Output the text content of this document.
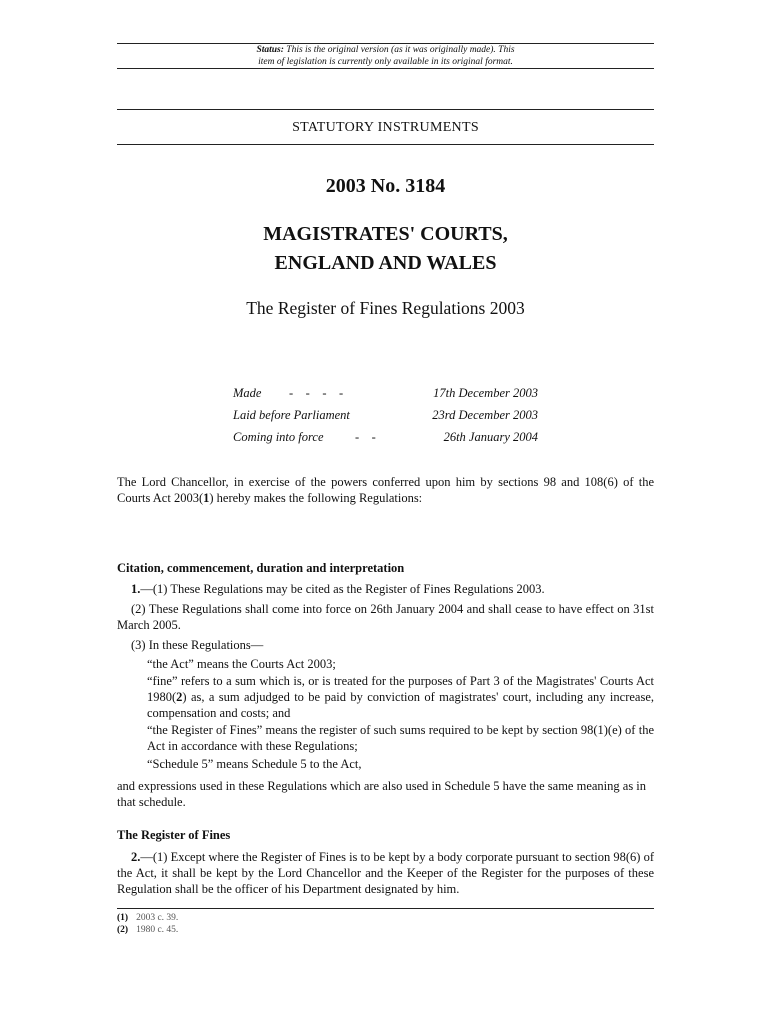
Status: This is the original version (as it was originally made). This
item of legislation is currently only available in its original format.
STATUTORY INSTRUMENTS
2003 No. 3184
MAGISTRATES' COURTS,
ENGLAND AND WALES
The Register of Fines Regulations 2003
Made -    -    -    -	17th December 2003
Laid before Parliament	23rd December 2003
Coming into force	-    -	26th January 2004
The Lord Chancellor, in exercise of the powers conferred upon him by sections 98 and 108(6) of the Courts Act 2003(1) hereby makes the following Regulations:
Citation, commencement, duration and interpretation
1.—(1) These Regulations may be cited as the Register of Fines Regulations 2003.
(2) These Regulations shall come into force on 26th January 2004 and shall cease to have effect on 31st March 2005.
(3) In these Regulations—
“the Act” means the Courts Act 2003;
“fine” refers to a sum which is, or is treated for the purposes of Part 3 of the Magistrates' Courts Act 1980(2) as, a sum adjudged to be paid by conviction of magistrates' court, including any increase, compensation and costs; and
“the Register of Fines” means the register of such sums required to be kept by section 98(1)(e) of the Act in accordance with these Regulations;
“Schedule 5” means Schedule 5 to the Act,
and expressions used in these Regulations which are also used in Schedule 5 have the same meaning as in that schedule.
The Register of Fines
2.—(1) Except where the Register of Fines is to be kept by a body corporate pursuant to section 98(6) of the Act, it shall be kept by the Lord Chancellor and the Keeper of the Register for the purposes of these Regulation shall be the officer of his Department designated by him.
(1) 2003 c. 39.
(2) 1980 c. 45.
